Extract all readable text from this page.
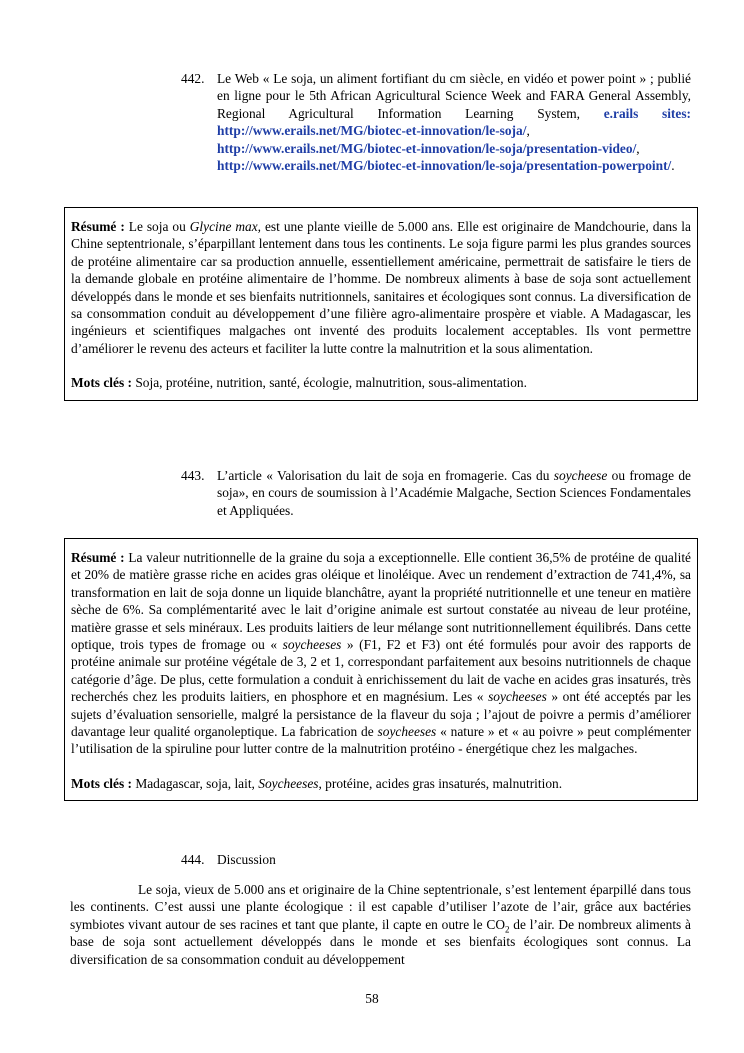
442. Le Web « Le soja, un aliment fortifiant du cm siècle, en vidéo et power point » ; publié en ligne pour le 5th African Agricultural Science Week and FARA General Assembly, Regional Agricultural Information Learning System, e.rails sites: http://www.erails.net/MG/biotec-et-innovation/le-soja/, http://www.erails.net/MG/biotec-et-innovation/le-soja/presentation-video/, http://www.erails.net/MG/biotec-et-innovation/le-soja/presentation-powerpoint/.

Résumé : Le soja ou Glycine max, est une plante vieille de 5.000 ans. Elle est originaire de Mandchourie, dans la Chine septentrionale, s’éparpillant lentement dans tous les continents. Le soja figure parmi les plus grandes sources de protéine alimentaire car sa production annuelle, essentiellement américaine, permettrait de satisfaire le tiers de la demande globale en protéine alimentaire de l’homme. De nombreux aliments à base de soja sont actuellement développés dans le monde et ses bienfaits nutritionnels, sanitaires et écologiques sont connus. La diversification de sa consommation conduit au développement d’une filière agro-alimentaire prospère et viable. A Madagascar, les ingénieurs et scientifiques malgaches ont inventé des produits localement acceptables. Ils vont permettre d’améliorer le revenu des acteurs et faciliter la lutte contre la malnutrition et la sous alimentation.

Mots clés : Soja, protéine, nutrition, santé, écologie, malnutrition, sous-alimentation.

443. L’article « Valorisation du lait de soja en fromagerie. Cas du soycheese ou fromage de soja», en cours de soumission à l’Académie Malgache, Section Sciences Fondamentales et Appliquées.

Résumé : La valeur nutritionnelle de la graine du soja a exceptionnelle. Elle contient 36,5% de protéine de qualité et 20% de matière grasse riche en acides gras oléique et linoléique. Avec un rendement d’extraction de 741,4%, sa transformation en lait de soja donne un liquide blanchâtre, ayant la propriété nutritionnelle et une teneur en matière sèche de 6%. Sa complémentarité avec le lait d’origine animale est surtout constatée au niveau de leur protéine, matière grasse et sels minéraux. Les produits laitiers de leur mélange sont nutritionnellement équilibrés. Dans cette optique, trois types de fromage ou « soycheeses » (F1, F2 et F3) ont été formulés pour avoir des rapports de protéine animale sur protéine végétale de 3, 2 et 1, correspondant parfaitement aux besoins nutritionnels de chaque catégorie d’âge. De plus, cette formulation a conduit à enrichissement du lait de vache en acides gras insaturés, très recherchés chez les produits laitiers, en phosphore et en magnésium. Les « soycheeses » ont été acceptés par les sujets d’évaluation sensorielle, malgré la persistance de la flaveur du soja ; l’ajout de poivre a permis d’améliorer davantage leur qualité organoleptique. La fabrication de soycheeses « nature » et « au poivre » peut complémenter l’utilisation de la spiruline pour lutter contre de la malnutrition protéino - énergétique chez les malgaches.

Mots clés : Madagascar, soja, lait, Soycheeses, protéine, acides gras insaturés, malnutrition.

444. Discussion

Le soja, vieux de 5.000 ans et originaire de la Chine septentrionale, s’est lentement éparpillé dans tous les continents. C’est aussi une plante écologique : il est capable d’utiliser l’azote de l’air, grâce aux bactéries symbiotes vivant autour de ses racines et tant que plante, il capte en outre le $CO_2$ de l’air. De nombreux aliments à base de soja sont actuellement développés dans le monde et ses bienfaits écologiques sont connus. La diversification de sa consommation conduit au développement

58
